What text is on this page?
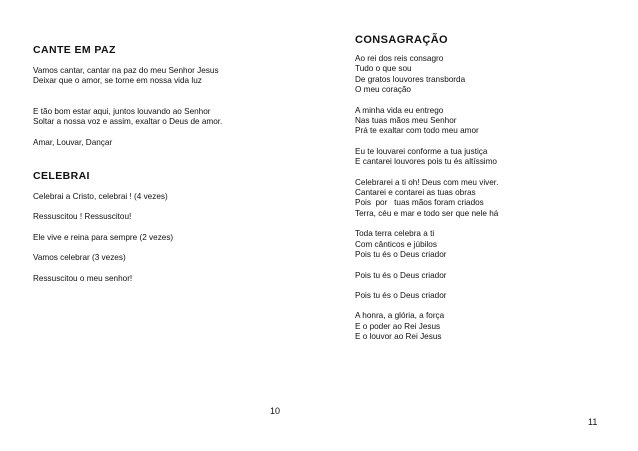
CANTE EM PAZ
Vamos cantar, cantar na paz do meu Senhor Jesus
Deixar que o amor, se torne em nossa vida luz
E tão bom estar aqui, juntos louvando ao Senhor
Soltar a nossa voz e assim, exaltar o Deus de amor.
Amar, Louvar, Dançar
CELEBRAI
Celebrai a Cristo, celebrai ! (4 vezes)
Ressuscitou ! Ressuscitou!
Ele vive e reina para sempre (2 vezes)
Vamos celebrar (3 vezes)
Ressuscitou o meu senhor!
10
CONSAGRAÇÃO
Ao rei dos reis consagro
Tudo o que sou
De gratos louvores transborda
O meu coração
A minha vida eu entrego
Nas tuas mãos meu Senhor
Prá te exaltar com todo meu amor
Eu te louvarei conforme a tua justiça
E cantarei louvores pois tu és altíssimo
Celebrarei a ti oh! Deus com meu viver.
Cantarei e contarei as tuas obras
Pois  por   tuas mãos foram criados
Terra, céu e mar e todo ser que nele há
Toda terra celebra a ti
Com cânticos e júbilos
Pois tu és o Deus criador
Pois tu és o Deus criador
Pois tu és o Deus criador
A honra, a glória, a força
E o poder ao Rei Jesus
E o louvor ao Rei Jesus
11
